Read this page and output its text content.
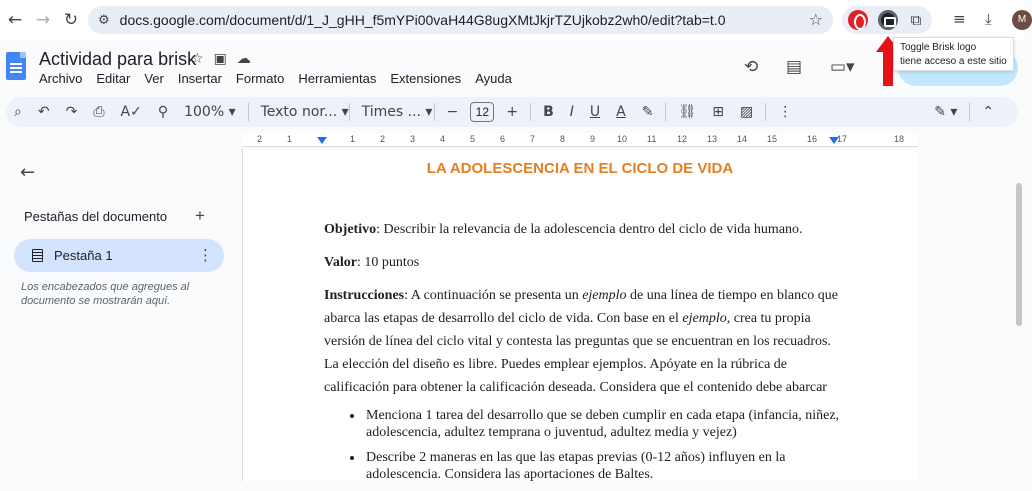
← → ↻	⚙ docs.google.com/document/d/1_J_gHH_f5mYPi00vaH44G8ugXMtJkjrTZUjkobz2wh0/edit?tab=t.0	☆	⧉	≡ ⤓	M
Actividad para brisk
☆▣☁
Archivo Editar Ver Insertar Formato Herramientas Extensiones Ayuda
⟲ ▤ ▭▾
Toggle Brisk logo
tiene acceso a este sitio
⌕	↶	↷	⎙	A✓	⚲	100% ▾	Texto nor... ▾ Times ... ▾	−	12	+	B	I	U	A	✎	⛓	⊞	▨	⋮	✎ ▾	⌃
2	1	1	2	3	4	5	6	7	8	9 10 11 12 13 14 15	16 17	18
←
Pestañas del documento +
Pestaña 1	⋮
Los encabezados que agregues al documento se mostrarán aquí.
LA ADOLESCENCIA EN EL CICLO DE VIDA

Objetivo: Describir la relevancia de la adolescencia dentro del ciclo de vida humano.

Valor: 10 puntos

Instrucciones: A continuación se presenta un ejemplo de una línea de tiempo en blanco que abarca las etapas de desarrollo del ciclo de vida. Con base en el ejemplo, crea tu propia versión de línea del ciclo vital y contesta las preguntas que se encuentran en los recuadros. La elección del diseño es libre. Puedes emplear ejemplos. Apóyate en la rúbrica de calificación para obtener la calificación deseada. Considera que el contenido debe abarcar

• Menciona 1 tarea del desarrollo que se deben cumplir en cada etapa (infancia, niñez, adolescencia, adultez temprana o juventud, adultez media y vejez)
• Describe 2 maneras en las que las etapas previas (0-12 años) influyen en la adolescencia. Considera las aportaciones de Baltes.
